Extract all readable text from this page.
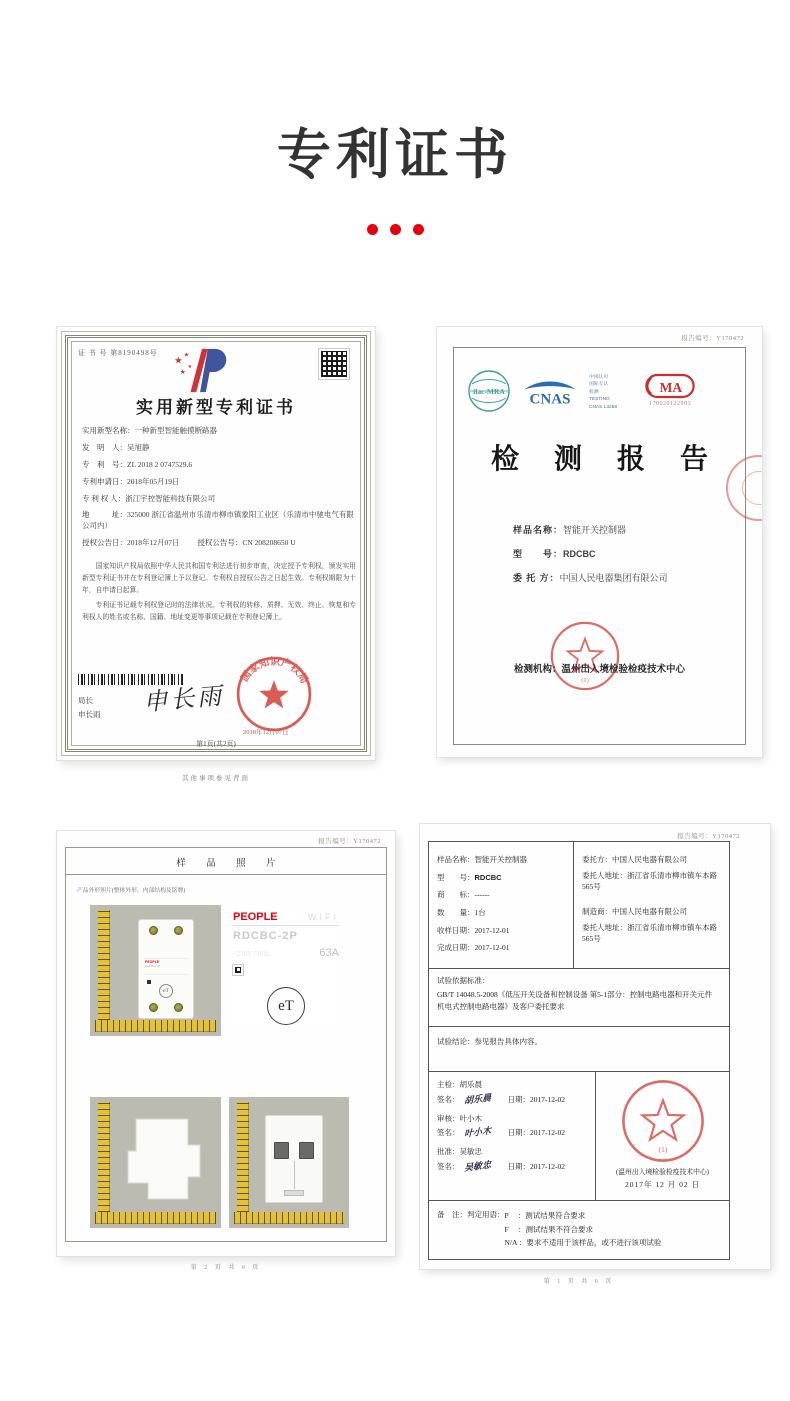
专利证书
证 书 号 第8190498号
★ ★
★
★
实用新型专利证书
实用新型名称：一种新型智能触摸断路器
发　明　人：吴旭静
专　利　号：ZL 2018 2 0747529.6
专利申请日：2018年05月19日
专 利 权 人：浙江宇控智能科技有限公司
地　　　址：325000 浙江省温州市乐清市柳市镇象阳工业区（乐清市中驰电气有限公司内）
授权公告日：2018年12月07日 授权公告号：CN 208208650 U

国家知识产权局依照中华人民共和国专利法进行初步审查，决定授予专利权，颁发实用新型专利证书并在专利登记簿上予以登记。专利权自授权公告之日起生效。专利权期限为十年，自申请日起算。

专利证书记载专利权登记时的法律状况。专利权的转移、质押、无效、终止、恢复和专利权人的姓名或名称、国籍、地址变更等事项记载在专利登记簿上。

局长
申长雨 申长雨
国家知识产权局
2018年12月07日
第1页(共2页)
其他事项参见背面
报告编号：Y170472
ilac-MRA
CNAS
中国认可
国际互认
检测
TESTING
CNAS L3258
MA
170020122903
检 测 报 告
样品名称：智能开关控制器
型　　号：RDCBC
委 托 方：中国人民电器集团有限公司
(1)
检测机构：温州出入境检验检疫技术中心
报告编号：Y170472
样 品 照 片
产品外形照片(整体外形、内部结构及铭牌)
PEOPLE
RDCBC-2P
eT
PEOPLE	WIFI
RDCBC-2P
~230V/50Hz	63A
eT
第 2 页 共 6 页
报告编号：Y170472
样品名称：智能开关控制器
型　　号：RDCBC
商　　标：------
数　　量：1台
收样日期：2017-12-01
完成日期：2017-12-01
委托方：中国人民电器有限公司
委托人地址：浙江省乐清市柳市镇车本路565号
制造商：中国人民电器有限公司
委托人地址：浙江省乐清市柳市镇车本路565号
试验依据标准：
GB/T 14048.5-2008《低压开关设备和控制设备 第5-1部分：控制电路电器和开关元件 机电式控制电路电器》及客户委托要求
试验结论：参见报告具体内容。
主检：胡乐晨
签名： 胡乐晨	日期：2017-12-02
审核：叶小木
签名： 叶小木	日期：2017-12-02
批准：吴敏忠
签名： 吴敏忠	日期：2017-12-02
(1)
(温州出入境检验检疫技术中心)
2017年 12 月 02 日
备　注：判定用语： P　 ：测试结果符合要求
F　 ：测试结果不符合要求
N/A ：要求不适用于该样品，或不进行该项试验
第 1 页 共 6 页
